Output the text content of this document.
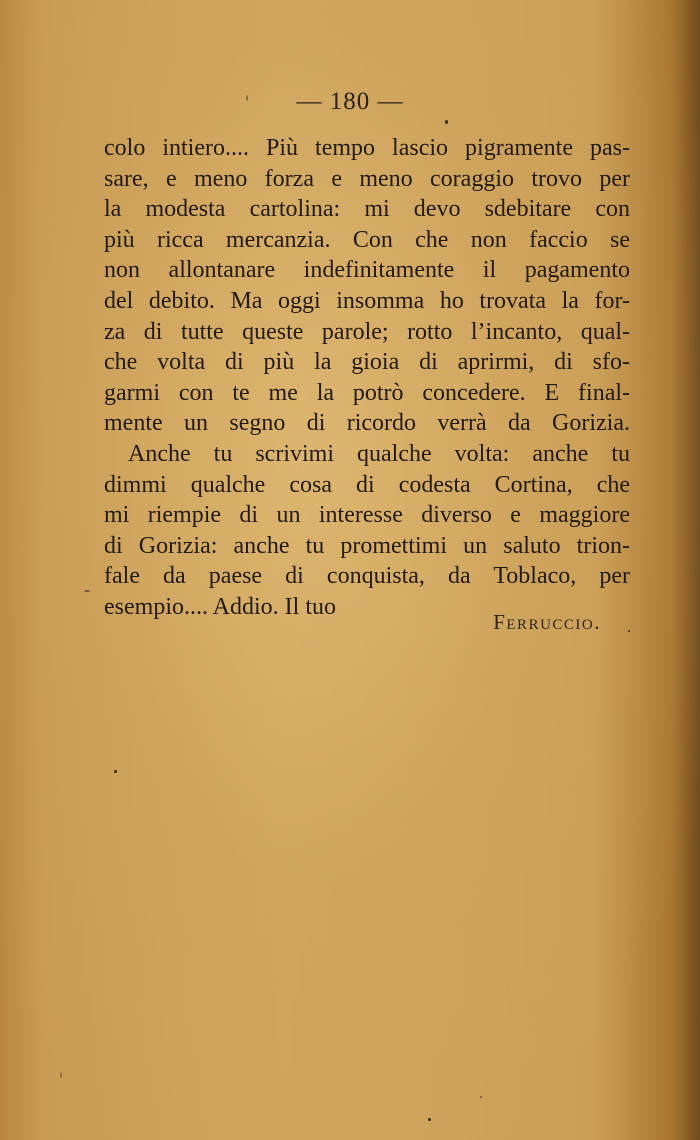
— 180 —
colo intiero.... Più tempo lascio pigramente pas-
sare, e meno forza e meno coraggio trovo per
la modesta cartolina: mi devo sdebitare con
più ricca mercanzia. Con che non faccio se
non allontanare indefinitamente il pagamento
del debito. Ma oggi insomma ho trovata la for-
za di tutte queste parole; rotto l’incanto, qual-
che volta di più la gioia di aprirmi, di sfo-
garmi con te me la potrò concedere. E final-
mente un segno di ricordo verrà da Gorizia.
Anche tu scrivimi qualche volta: anche tu
dimmi qualche cosa di codesta Cortina, che
mi riempie di un interesse diverso e maggiore
di Gorizia: anche tu promettimi un saluto trion-
fale da paese di conquista, da Toblaco, per
esempio.... Addio. Il tuo
Ferruccio.
